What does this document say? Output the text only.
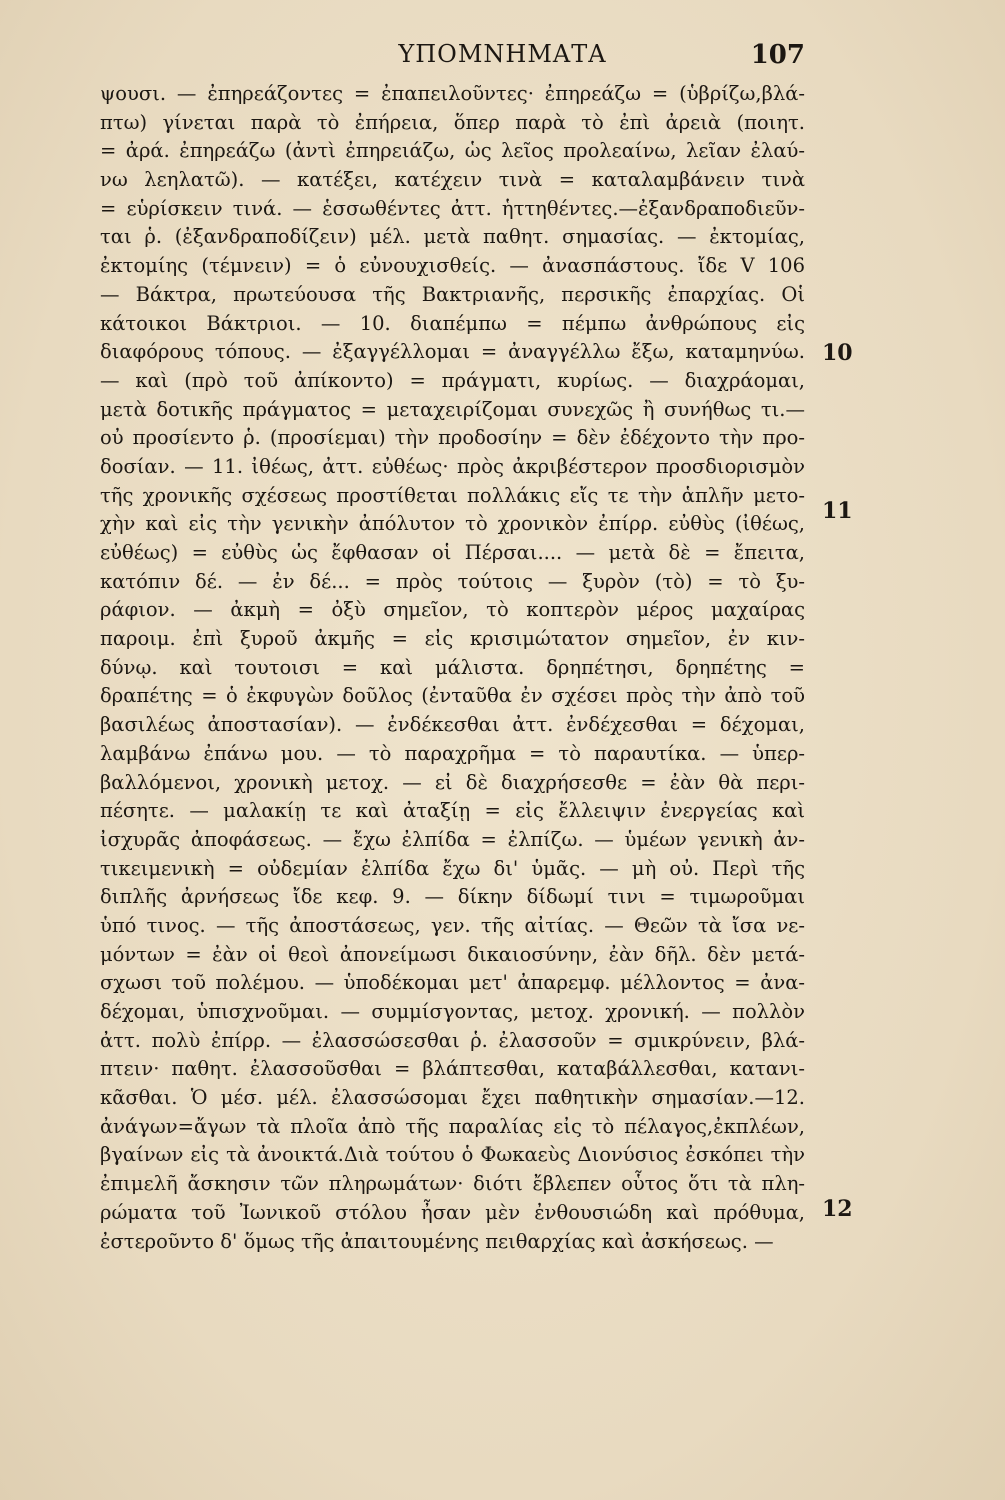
ΥΠΟΜΝΗΜΑΤΑ	107
ψουσι. — ἐπηρεάζοντες = ἐπαπειλοῦντες· ἐπηρεάζω = (ὑβρίζω,βλά-
πτω) γίνεται παρὰ τὸ ἐπήρεια, ὅπερ παρὰ τὸ ἐπὶ ἀρειὰ (ποιητ.
= ἀρά. ἐπηρεάζω (ἀντὶ ἐπηρειάζω, ὡς λεῖος προλεαίνω, λεῖαν ἐλαύ-
νω λεηλατῶ). — κατέξει, κατέχειν τινὰ = καταλαμβάνειν τινὰ
= εὑρίσκειν τινά. — ἑσσωθέντες ἀττ. ἡττηθέντες.—ἐξανδραποδιεῦν-
ται ῥ. (ἐξανδραποδίζειν) μέλ. μετὰ παθητ. σημασίας. — ἐκτομίας,
ἐκτομίης (τέμνειν) = ὁ εὐνουχισθείς. — ἀνασπάστους. ἴδε V 106
— Βάκτρα, πρωτεύουσα τῆς Βακτριανῆς, περσικῆς ἐπαρχίας. Οἱ
κάτοικοι Βάκτριοι. — 10. διαπέμπω = πέμπω ἀνθρώπους εἰς
διαφόρους τόπους. — ἐξαγγέλλομαι = ἀναγγέλλω ἔξω, καταμηνύω.
— καὶ (πρὸ τοῦ ἀπίκοντο) = πράγματι, κυρίως. — διαχράομαι,
μετὰ δοτικῆς πράγματος = μεταχειρίζομαι συνεχῶς ἢ συνήθως τι.—
οὐ προσίεντο ῥ. (προσίεμαι) τὴν προδοσίην = δὲν ἐδέχοντο τὴν προ-
δοσίαν. — 11. ἰθέως, ἀττ. εὐθέως· πρὸς ἀκριβέστερον προσδιορισμὸν
τῆς χρονικῆς σχέσεως προστίθεται πολλάκις εἴς τε τὴν ἁπλῆν μετο-
χὴν καὶ εἰς τὴν γενικὴν ἀπόλυτον τὸ χρονικὸν ἐπίρρ. εὐθὺς (ἰθέως,
εὐθέως) = εὐθὺς ὡς ἔφθασαν οἱ Πέρσαι.... — μετὰ δὲ = ἔπειτα,
κατόπιν δέ. — ἐν δέ... = πρὸς τούτοις — ξυρὸν (τὸ) = τὸ ξυ-
ράφιον. — ἀκμὴ = ὀξὺ σημεῖον, τὸ κοπτερὸν μέρος μαχαίρας
παροιμ. ἐπὶ ξυροῦ ἀκμῆς = εἰς κρισιμώτατον σημεῖον, ἐν κιν-
δύνῳ. καὶ τουτοισι = καὶ μάλιστα. δρηπέτησι, δρηπέτης =
δραπέτης = ὁ ἐκφυγὼν δοῦλος (ἐνταῦθα ἐν σχέσει πρὸς τὴν ἀπὸ τοῦ
βασιλέως ἀποστασίαν). — ἐνδέκεσθαι ἀττ. ἐνδέχεσθαι = δέχομαι,
λαμβάνω ἐπάνω μου. — τὸ παραχρῆμα = τὸ παραυτίκα. — ὑπερ-
βαλλόμενοι, χρονικὴ μετοχ. — εἰ δὲ διαχρήσεσθε = ἐὰν θὰ περι-
πέσητε. — μαλακίῃ τε καὶ ἀταξίῃ = εἰς ἔλλειψιν ἐνεργείας καὶ
ἰσχυρᾶς ἀποφάσεως. — ἔχω ἐλπίδα = ἐλπίζω. — ὑμέων γενικὴ ἀν-
τικειμενικὴ = οὐδεμίαν ἐλπίδα ἔχω δι' ὑμᾶς. — μὴ οὐ. Περὶ τῆς
διπλῆς ἀρνήσεως ἴδε κεφ. 9. — δίκην δίδωμί τινι = τιμωροῦμαι
ὑπό τινος. — τῆς ἀποστάσεως, γεν. τῆς αἰτίας. — Θεῶν τὰ ἴσα νε-
μόντων = ἐὰν οἱ θεοὶ ἀπονείμωσι δικαιοσύνην, ἐὰν δῆλ. δὲν μετά-
σχωσι τοῦ πολέμου. — ὑποδέκομαι μετ' ἀπαρεμφ. μέλλοντος = ἀνα-
δέχομαι, ὑπισχνοῦμαι. — συμμίσγοντας, μετοχ. χρονική. — πολλὸν
ἀττ. πολὺ ἐπίρρ. — ἐλασσώσεσθαι ῥ. ἐλασσοῦν = σμικρύνειν, βλά-
πτειν· παθητ. ἐλασσοῦσθαι = βλάπτεσθαι, καταβάλλεσθαι, κατανι-
κᾶσθαι. Ὁ μέσ. μέλ. ἐλασσώσομαι ἔχει παθητικὴν σημασίαν.—12.
ἀνάγων=ἄγων τὰ πλοῖα ἀπὸ τῆς παραλίας εἰς τὸ πέλαγος,ἐκπλέων,
βγαίνων εἰς τὰ ἀνοικτά.Διὰ τούτου ὁ Φωκαεὺς Διονύσιος ἐσκόπει τὴν
ἐπιμελῆ ἄσκησιν τῶν πληρωμάτων· διότι ἔβλεπεν οὗτος ὅτι τὰ πλη-
ρώματα τοῦ Ἰωνικοῦ στόλου ἦσαν μὲν ἐνθουσιώδη καὶ πρόθυμα,
ἐστεροῦντο δ' ὅμως τῆς ἀπαιτουμένης πειθαρχίας καὶ ἀσκήσεως. —
10
11
12
